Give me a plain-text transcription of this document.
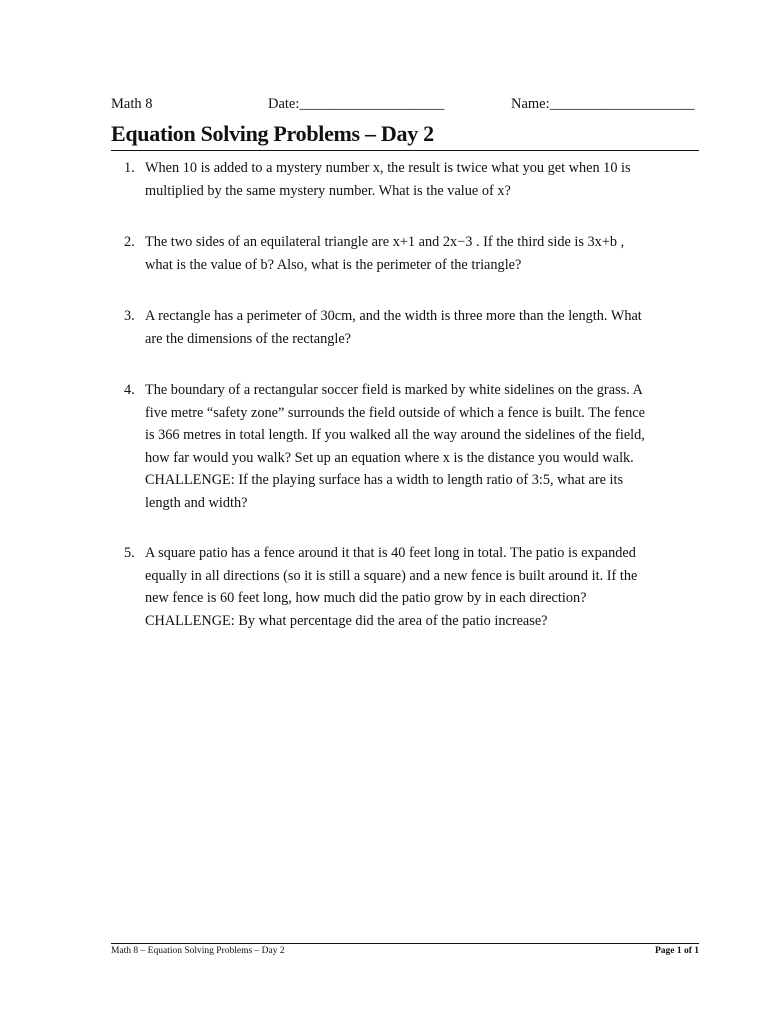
Math 8	Date:____________________	Name:____________________
Equation Solving Problems – Day 2
1. When 10 is added to a mystery number x, the result is twice what you get when 10 is
multiplied by the same mystery number. What is the value of x?
2. The two sides of an equilateral triangle are x+1 and 2x−3 . If the third side is 3x+b ,
what is the value of b? Also, what is the perimeter of the triangle?
3. A rectangle has a perimeter of 30cm, and the width is three more than the length. What
are the dimensions of the rectangle?
4. The boundary of a rectangular soccer field is marked by white sidelines on the grass. A
five metre “safety zone” surrounds the field outside of which a fence is built. The fence
is 366 metres in total length. If you walked all the way around the sidelines of the field,
how far would you walk? Set up an equation where x is the distance you would walk.
CHALLENGE: If the playing surface has a width to length ratio of 3:5, what are its
length and width?
5. A square patio has a fence around it that is 40 feet long in total. The patio is expanded
equally in all directions (so it is still a square) and a new fence is built around it. If the
new fence is 60 feet long, how much did the patio grow by in each direction?
CHALLENGE: By what percentage did the area of the patio increase?
Math 8 – Equation Solving Problems – Day 2	Page 1 of 1
